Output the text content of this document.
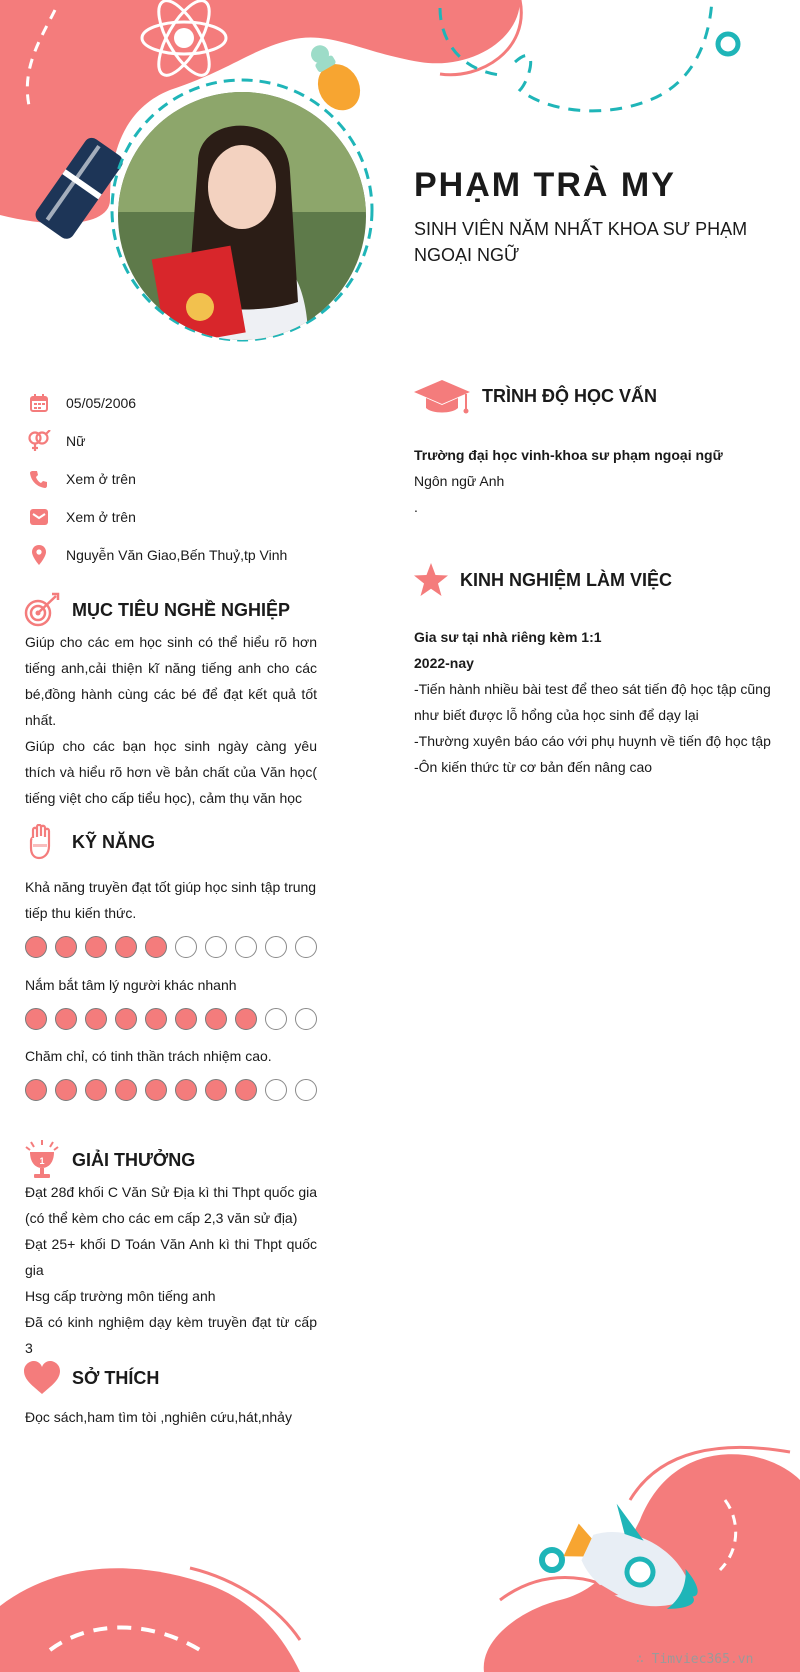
PHẠM TRÀ MY
SINH VIÊN NĂM NHẤT KHOA SƯ PHẠM NGOẠI NGỮ
05/05/2006
Nữ
Xem ở trên
Xem ở trên
Nguyễn Văn Giao,Bến Thuỷ,tp Vinh
MỤC TIÊU NGHỀ NGHIỆP

Giúp cho các em học sinh có thể hiểu rõ hơn tiếng anh,cải thiện kĩ năng tiếng anh cho các bé,đồng hành cùng các bé để đạt kết quả tốt nhất.

Giúp cho các bạn học sinh ngày càng yêu thích và hiểu rõ hơn về bản chất của Văn học( tiếng việt cho cấp tiểu học), cảm thụ văn học

KỸ NĂNG
Khả năng truyền đạt tốt giúp học sinh tập trung tiếp thu kiến thức.
Nắm bắt tâm lý người khác nhanh
Chăm chỉ, có tinh thần trách nhiệm cao.
1 GIẢI THƯỞNG

Đạt 28đ khối C Văn Sử Địa kì thi Thpt quốc gia (có thể kèm cho các em cấp 2,3 văn sử địa)

Đạt 25+ khối D Toán Văn Anh kì thi Thpt quốc gia

Hsg cấp trường môn tiếng anh

Đã có kinh nghiệm dạy kèm truyền đạt từ cấp 3

SỞ THÍCH
Đọc sách,ham tìm tòi ,nghiên cứu,hát,nhảy
TRÌNH ĐỘ HỌC VẤN

Trường đại học vinh-khoa sư phạm ngoại ngữ

Ngôn ngữ Anh

.

KINH NGHIỆM LÀM VIỆC

Gia sư tại nhà riêng kèm 1:1

2022-nay

-Tiến hành nhiều bài test để theo sát tiến độ học tập cũng như biết được lỗ hổng của học sinh để dạy lại

-Thường xuyên báo cáo với phụ huynh về tiến độ học tập

-Ôn kiến thức từ cơ bản đến nâng cao

∴ Timviec365.vn
